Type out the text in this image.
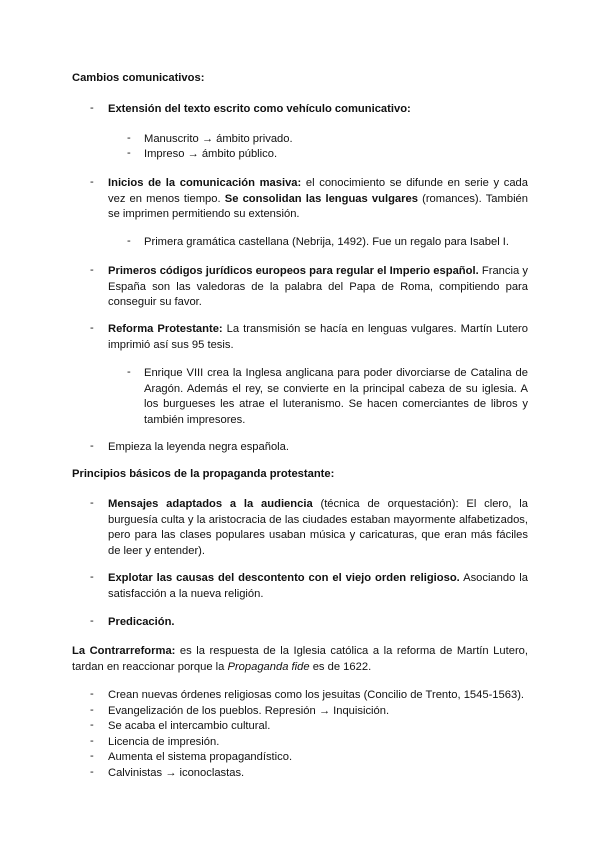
Cambios comunicativos:
- Extensión del texto escrito como vehículo comunicativo:
- Manuscrito → ámbito privado.
- Impreso → ámbito público.
- Inicios de la comunicación masiva: el conocimiento se difunde en serie y cada vez en menos tiempo. Se consolidan las lenguas vulgares (romances). También se imprimen permitiendo su extensión.
- Primera gramática castellana (Nebrija, 1492). Fue un regalo para Isabel I.
- Primeros códigos jurídicos europeos para regular el Imperio español. Francia y España son las valedoras de la palabra del Papa de Roma, compitiendo para conseguir su favor.
- Reforma Protestante: La transmisión se hacía en lenguas vulgares. Martín Lutero imprimió así sus 95 tesis.
- Enrique VIII crea la Inglesa anglicana para poder divorciarse de Catalina de Aragón. Además el rey, se convierte en la principal cabeza de su iglesia. A los burgueses les atrae el luteranismo. Se hacen comerciantes de libros y también impresores.
- Empieza la leyenda negra española.
Principios básicos de la propaganda protestante:
- Mensajes adaptados a la audiencia (técnica de orquestación): El clero, la burguesía culta y la aristocracia de las ciudades estaban mayormente alfabetizados, pero para las clases populares usaban música y caricaturas, que eran más fáciles de leer y entender).
- Explotar las causas del descontento con el viejo orden religioso. Asociando la satisfacción a la nueva religión.
- Predicación.
La Contrarreforma: es la respuesta de la Iglesia católica a la reforma de Martín Lutero, tardan en reaccionar porque la Propaganda fide es de 1622.
- Crean nuevas órdenes religiosas como los jesuitas (Concilio de Trento, 1545-1563).
- Evangelización de los pueblos. Represión → Inquisición.
- Se acaba el intercambio cultural.
- Licencia de impresión.
- Aumenta el sistema propagandístico.
- Calvinistas → iconoclastas.
